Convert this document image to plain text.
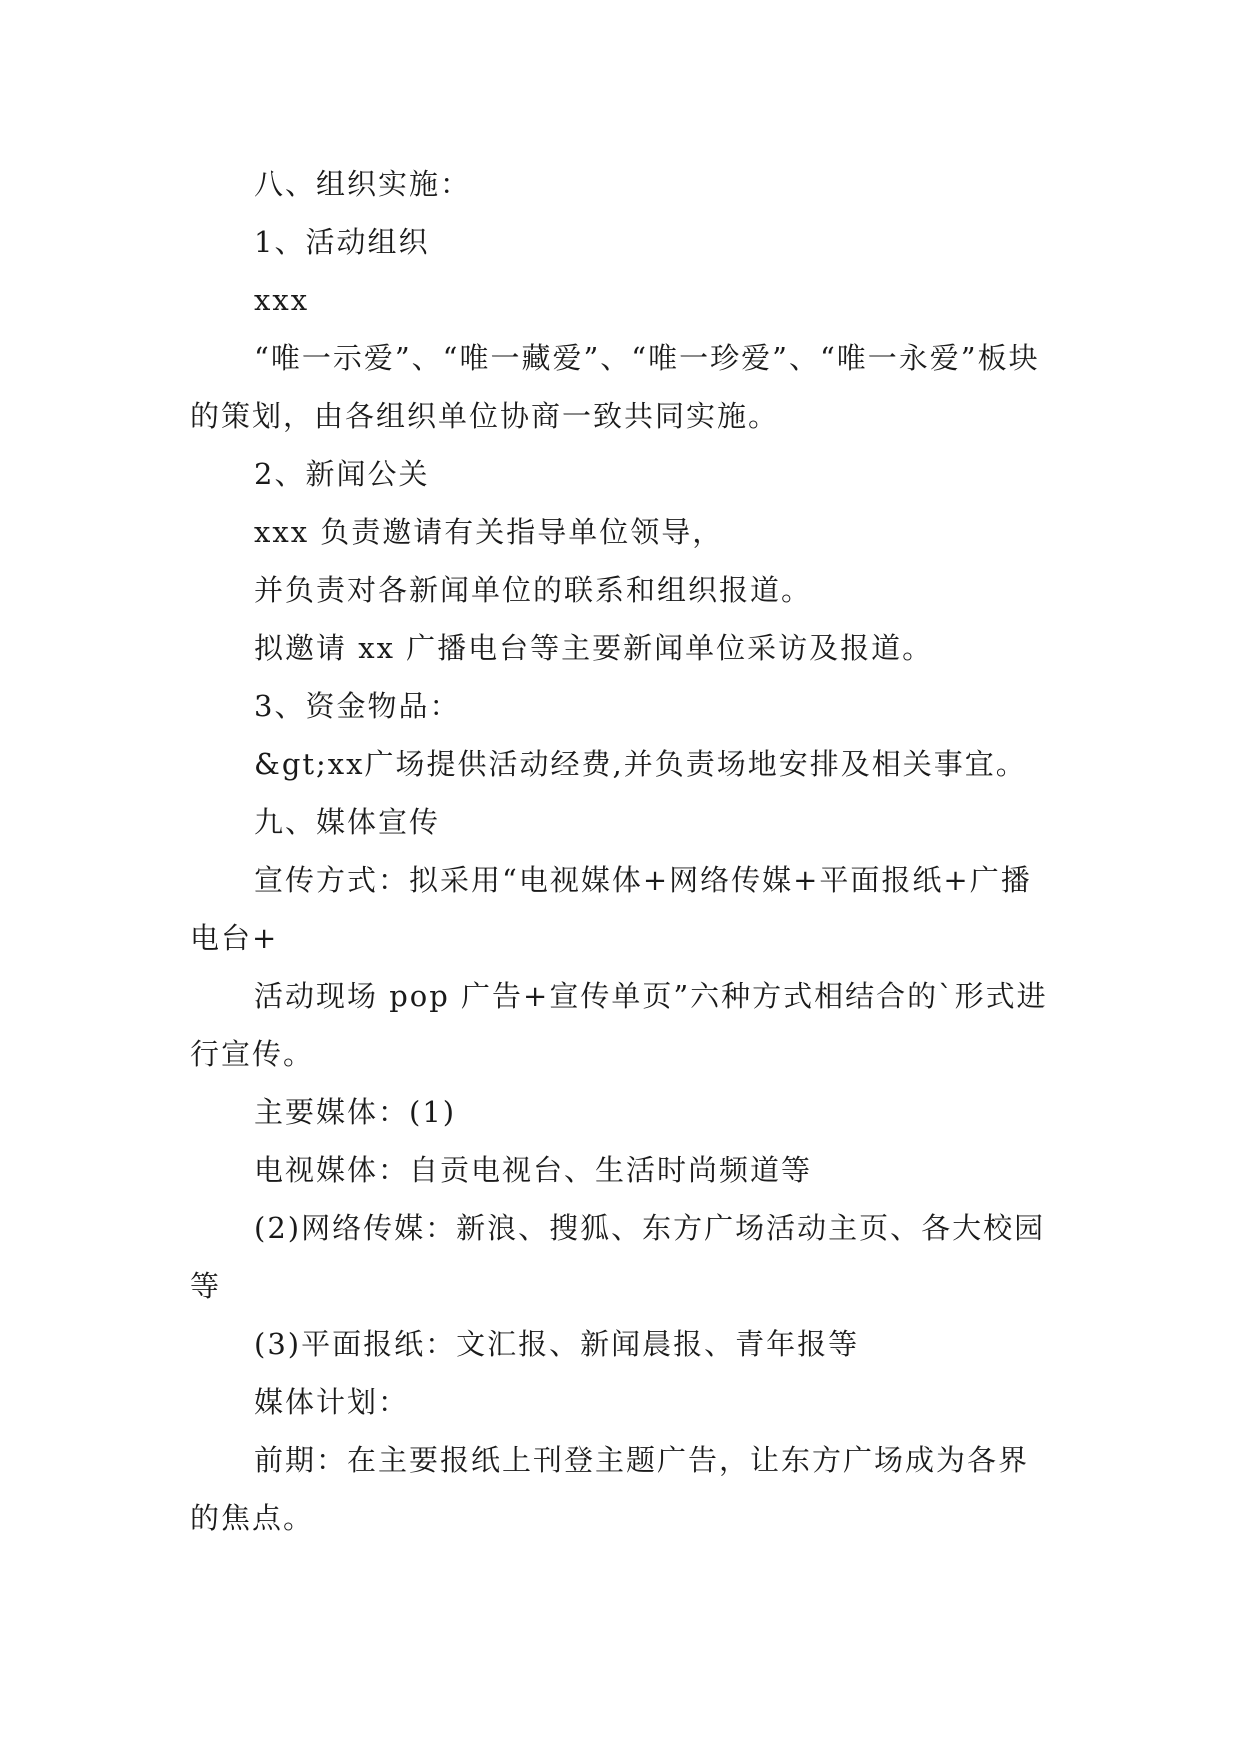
八、组织实施：

1、活动组织

xxx

“唯一示爱”、“唯一藏爱”、“唯一珍爱”、“唯一永爱”板块的策划，由各组织单位协商一致共同实施。

2、新闻公关

xxx 负责邀请有关指导单位领导，

并负责对各新闻单位的联系和组织报道。

拟邀请 xx 广播电台等主要新闻单位采访及报道。

3、资金物品：

&gt;xx广场提供活动经费,并负责场地安排及相关事宜。

九、媒体宣传

宣传方式：拟采用“电视媒体+网络传媒+平面报纸+广播电台+

活动现场 pop 广告+宣传单页”六种方式相结合的`形式进行宣传。

主要媒体：(1)

电视媒体：自贡电视台、生活时尚频道等

(2)网络传媒：新浪、搜狐、东方广场活动主页、各大校园等

(3)平面报纸：文汇报、新闻晨报、青年报等

媒体计划：

前期：在主要报纸上刊登主题广告，让东方广场成为各界的焦点。
